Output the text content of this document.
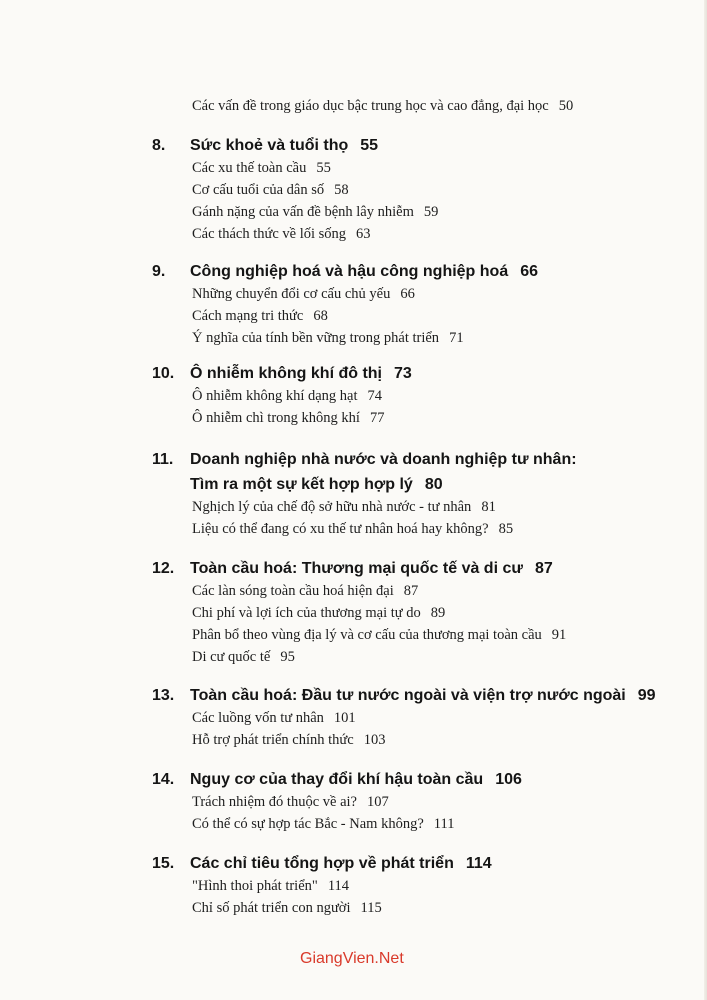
Các vấn đề trong giáo dục bậc trung học và cao đẳng, đại học 50
8. Sức khoẻ và tuổi thọ 55
Các xu thế toàn cầu 55
Cơ cấu tuổi của dân số 58
Gánh nặng của vấn đề bệnh lây nhiễm 59
Các thách thức về lối sống 63
9. Công nghiệp hoá và hậu công nghiệp hoá 66
Những chuyển đổi cơ cấu chủ yếu 66
Cách mạng tri thức 68
Ý nghĩa của tính bền vững trong phát triển 71
10. Ô nhiễm không khí đô thị 73
Ô nhiễm không khí dạng hạt 74
Ô nhiễm chì trong không khí 77
11. Doanh nghiệp nhà nước và doanh nghiệp tư nhân:
Tìm ra một sự kết hợp hợp lý 80
Nghịch lý của chế độ sở hữu nhà nước - tư nhân 81
Liệu có thể đang có xu thế tư nhân hoá hay không? 85
12. Toàn cầu hoá: Thương mại quốc tế và di cư 87
Các làn sóng toàn cầu hoá hiện đại 87
Chi phí và lợi ích của thương mại tự do 89
Phân bổ theo vùng địa lý và cơ cấu của thương mại toàn cầu 91
Di cư quốc tế 95
13. Toàn cầu hoá: Đầu tư nước ngoài và viện trợ nước ngoài 99
Các luồng vốn tư nhân 101
Hỗ trợ phát triển chính thức 103
14. Nguy cơ của thay đổi khí hậu toàn cầu 106
Trách nhiệm đó thuộc về ai? 107
Có thể có sự hợp tác Bắc - Nam không? 111
15. Các chỉ tiêu tổng hợp về phát triển 114
"Hình thoi phát triển" 114
Chỉ số phát triển con người 115
GiangVien.Net
